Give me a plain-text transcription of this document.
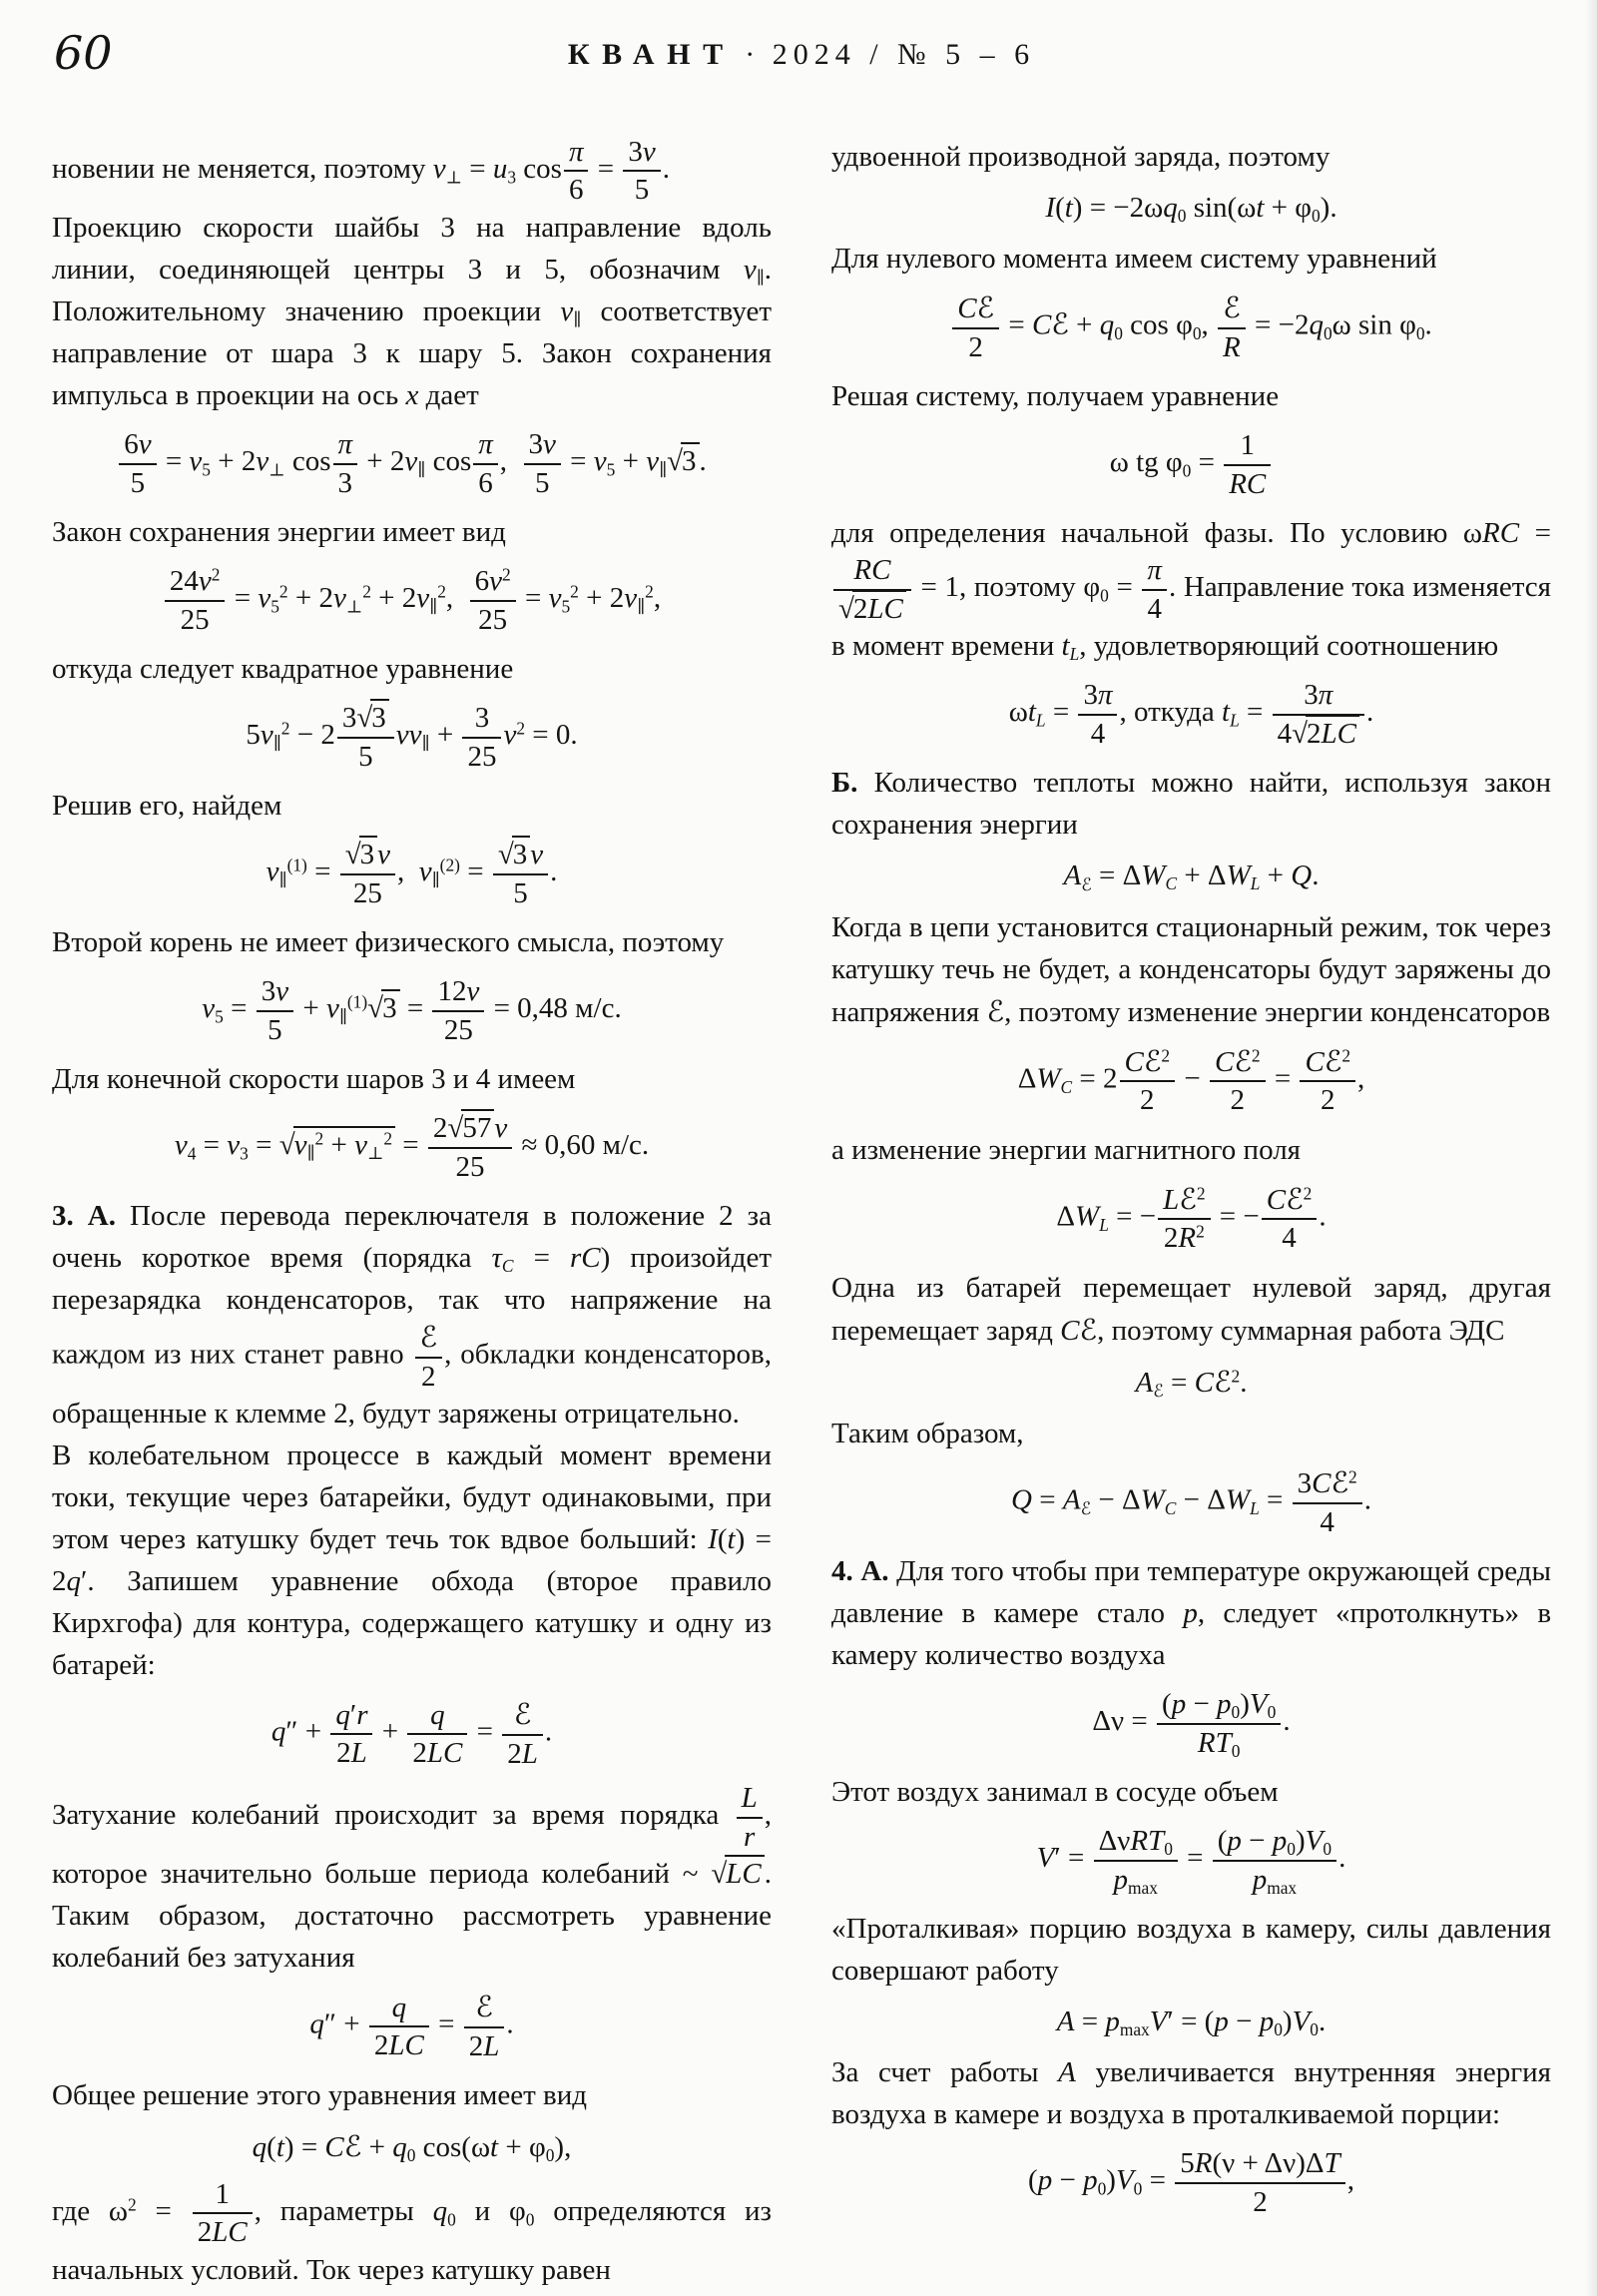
60	КВАНТ · 2024 / № 5 – 6

новении не меняется, поэтому $v_\perp = u_3$ $\cos \frac{\pi}{6} = \frac{3v}{5}$ .

Проекцию скорости шайбы 3 на направление вдоль линии, соединяющей центры 3 и 5, обозначим $v_\parallel$. Положительному значению проекции $v_\parallel$ соответствует направление от шара 3 к шару 5. Закон сохранения импульса в проекции на ось x дает

$\frac{6v}{5} = v_5 + 2v_\perp$ $\cos \frac{\pi}{3} + 2v_\parallel$ $\cos \frac{\pi}{6}$ , $\frac{3v}{5} = v_5 + v_\parallel√3$ .

Закон сохранения энергии имеет вид

$\frac{24v^2}{25} = v_5^2 + 2v_\perp^2 + 2v_\parallel^2$, $\frac{6v^2}{25} = v_5^2 + 2v_\parallel^2$,

откуда следует квадратное уравнение

$5v_\parallel^2 - 2 \frac{3√3}{5} vv_\parallel + \frac{3}{25} v^2 = 0$.

Решив его, найдем

$v_\parallel^{(1)} = \frac{√3 v}{25}$ ,  $v_\parallel^{(2)} = \frac{√3 v}{5}$ .

Второй корень не имеет физического смысла, поэтому

$v_5 = \frac{3v}{5} + v_\parallel^{(1)}√3 = \frac{12v}{25} = 0,48$ м/с.

Для конечной скорости шаров 3 и 4 имеем

$v_4 = v_3 = √v_\parallel^2 + v_\perp^2 = \frac{2√57 v}{25} \approx 0,60$ м/с.

3. А. После перевода переключателя в положение 2 за очень короткое время (порядка $\tau_C = rC$) произойдет перезарядка конденсаторов, так что напряжение на каждом из них станет равно
ℰ
2
, обкладки конденсаторов, обращенные к клемме 2, будут заряжены отрицательно.

В колебательном процессе в каждый момент времени токи, текущие через батарейки, будут одинаковыми, при этом через катушку будет течь ток вдвое больший: I(t) = 2q′. Запишем уравнение обхода (второе правило Кирхгофа) для контура, содержащего катушку и одну из батарей:

$q'' + \frac{q'r}{2L} + \frac{q}{2LC}$ =
ℰ
2L
.

Затухание колебаний происходит за время порядка $\frac{L}{r}$ , которое значительно больше периода колебаний ~ √LC . Таким образом, достаточно рассмотреть уравнение колебаний без затухания

$q'' + \frac{q}{2LC}$ =
ℰ
2L
.

Общее решение этого уравнения имеет вид

q(t) = Cℰ + $q_0$ $\cos(\omega t + \varphi_0)$,

где $\omega^2 = \frac{1}{2LC}$ , параметры $q_0$ и $\varphi_0$ определяются из начальных условий. Ток через катушку равен

удвоенной производной заряда, поэтому

$I(t) = -2\omega q_0$ $\sin(\omega t + \varphi_0)$.

Для нулевого момента имеем систему уравнений

Cℰ
2
= Cℰ + $q_0$ $\cos \varphi_0$,
ℰ
R
= $-2q_0\omega$ $\sin \varphi_0$.

Решая систему, получаем уравнение

ω tg $\varphi_0 = \frac{1}{RC}$

для определения начальной фазы. По условию ωRC =
$\frac{RC}{√2LC} = 1$, поэтому $\varphi_0 = \frac{\pi}{4}$ . Направление тока изменяется в момент времени $t_L$, удовлетворяющий соотношению

$\omega t_L = \frac{3\pi}{4}$ , откуда $t_L = \frac{3\pi}{4√2LC}$ .

Б. Количество теплоты можно найти, используя закон сохранения энергии

$A_ℰ = \Delta W_C + \Delta W_L + Q$.

Когда в цепи установится стационарный режим, ток через катушку течь не будет, а конденсаторы будут заряжены до напряжения ℰ, поэтому изменение энергии конденсаторов

$\Delta W_C = 2$
Cℰ$^2$
2
−
Cℰ$^2$
2
=
Cℰ$^2$
2
,

а изменение энергии магнитного поля

$\Delta W_L$ = −
Lℰ$^2$
$2R^2$ = −
Cℰ$^2$
4
.

Одна из батарей перемещает нулевой заряд, другая перемещает заряд Cℰ, поэтому суммарная работа ЭДС

$A_ℰ$ = Cℰ$^2$.

Таким образом,

$Q = A_ℰ - \Delta W_C - \Delta W_L$ =
3Cℰ$^2$
4
.

4. А. Для того чтобы при температуре окружающей среды давление в камере стало p, следует «протолкнуть» в камеру количество воздуха

$\Delta\nu = \frac{(p - p_0)V_0}{RT_0}$ .

Этот воздух занимал в сосуде объем

V′ =
ΔνRT$_0$
$p_{max}$
=
$(p - p_0)V_0$
$p_{max}$
.

«Проталкивая» порцию воздуха в камеру, силы давления совершают работу

$A = p_{max}V' = (p - p_0)V_0$.

За счет работы A увеличивается внутренняя энергия воздуха в камере и воздуха в проталкиваемой порции:

$(p - p_0)V_0 = \frac{5R(\nu + \Delta\nu)\Delta T}{2}$ ,
